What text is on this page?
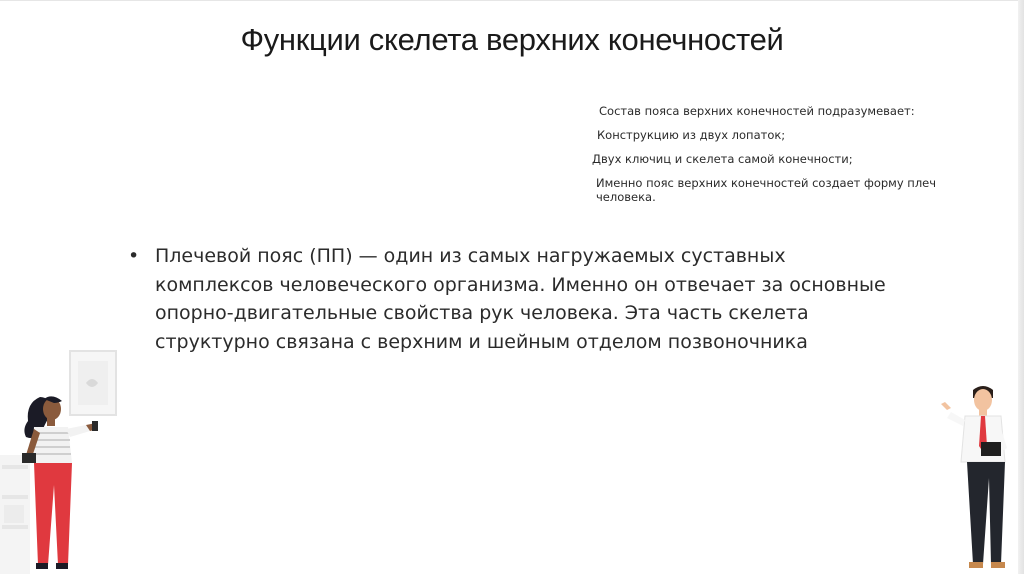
Функции скелета верхних конечностей

Состав пояса верхних конечностей подразумевает:

Конструкцию из двух лопаток;

Двух ключиц и скелета самой конечности;

Именно пояс верхних конечностей создает форму плеч человека.

• Плечевой пояс (ПП) — один из самых нагружаемых суставных комплексов человеческого организма. Именно он отвечает за основные опорно-двигательные свойства рук человека. Эта часть скелета структурно связана с верхним и шейным отделом позвоночника
